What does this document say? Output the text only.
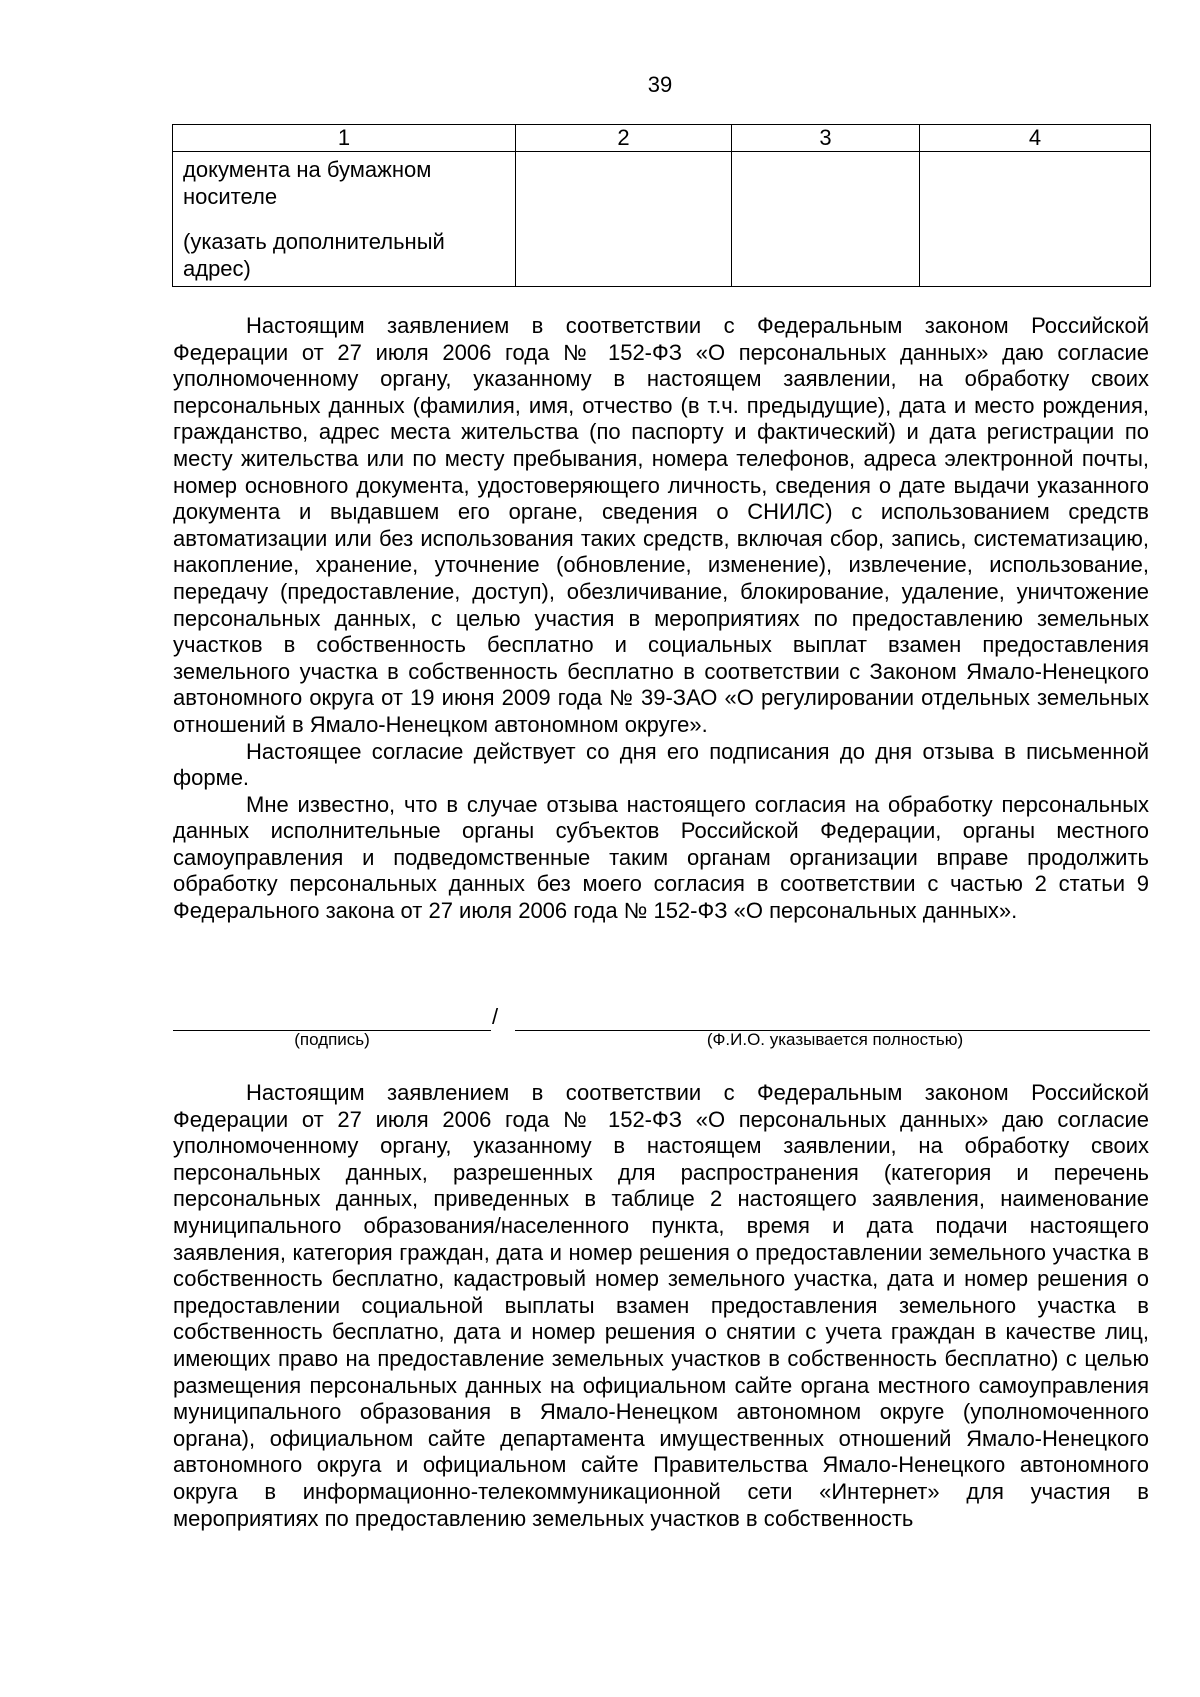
39
1	2	3	4

документа на бумажном носителе

(указать дополнительный адрес)			

Настоящим заявлением в соответствии с Федеральным законом Российской Федерации от 27 июля 2006 года № 152-ФЗ «О персональных данных» даю согласие уполномоченному органу, указанному в настоящем заявлении, на обработку своих персональных данных (фамилия, имя, отчество (в т.ч. предыдущие), дата и место рождения, гражданство, адрес места жительства (по паспорту и фактический) и дата регистрации по месту жительства или по месту пребывания, номера телефонов, адреса электронной почты, номер основного документа, удостоверяющего личность, сведения о дате выдачи указанного документа и выдавшем его органе, сведения о СНИЛС) с использованием средств автоматизации или без использования таких средств, включая сбор, запись, систематизацию, накопление, хранение, уточнение (обновление, изменение), извлечение, использование, передачу (предоставление, доступ), обезличивание, блокирование, удаление, уничтожение персональных данных, с целью участия в мероприятиях по предоставлению земельных участков в собственность бесплатно и социальных выплат взамен предоставления земельного участка в собственность бесплатно в соответствии с Законом Ямало-Ненецкого автономного округа от 19 июня 2009 года № 39-ЗАО «О регулировании отдельных земельных отношений в Ямало-Ненецком автономном округе».

Настоящее согласие действует со дня его подписания до дня отзыва в письменной форме.

Мне известно, что в случае отзыва настоящего согласия на обработку персональных данных исполнительные органы субъектов Российской Федерации, органы местного самоуправления и подведомственные таким органам организации вправе продолжить обработку персональных данных без моего согласия в соответствии с частью 2 статьи 9 Федерального закона от 27 июля 2006 года № 152-ФЗ «О персональных данных».

/
(подпись)	(Ф.И.О. указывается полностью)

Настоящим заявлением в соответствии с Федеральным законом Российской Федерации от 27 июля 2006 года № 152-ФЗ «О персональных данных» даю согласие уполномоченному органу, указанному в настоящем заявлении, на обработку своих персональных данных, разрешенных для распространения (категория и перечень персональных данных, приведенных в таблице 2 настоящего заявления, наименование муниципального образования/населенного пункта, время и дата подачи настоящего заявления, категория граждан, дата и номер решения о предоставлении земельного участка в собственность бесплатно, кадастровый номер земельного участка, дата и номер решения о предоставлении социальной выплаты взамен предоставления земельного участка в собственность бесплатно, дата и номер решения о снятии с учета граждан в качестве лиц, имеющих право на предоставление земельных участков в собственность бесплатно) с целью размещения персональных данных на официальном сайте органа местного самоуправления муниципального образования в Ямало-Ненецком автономном округе (уполномоченного органа), официальном сайте департамента имущественных отношений Ямало-Ненецкого автономного округа и официальном сайте Правительства Ямало-Ненецкого автономного округа в информационно-телекоммуникационной сети «Интернет» для участия в мероприятиях по предоставлению земельных участков в собственность
